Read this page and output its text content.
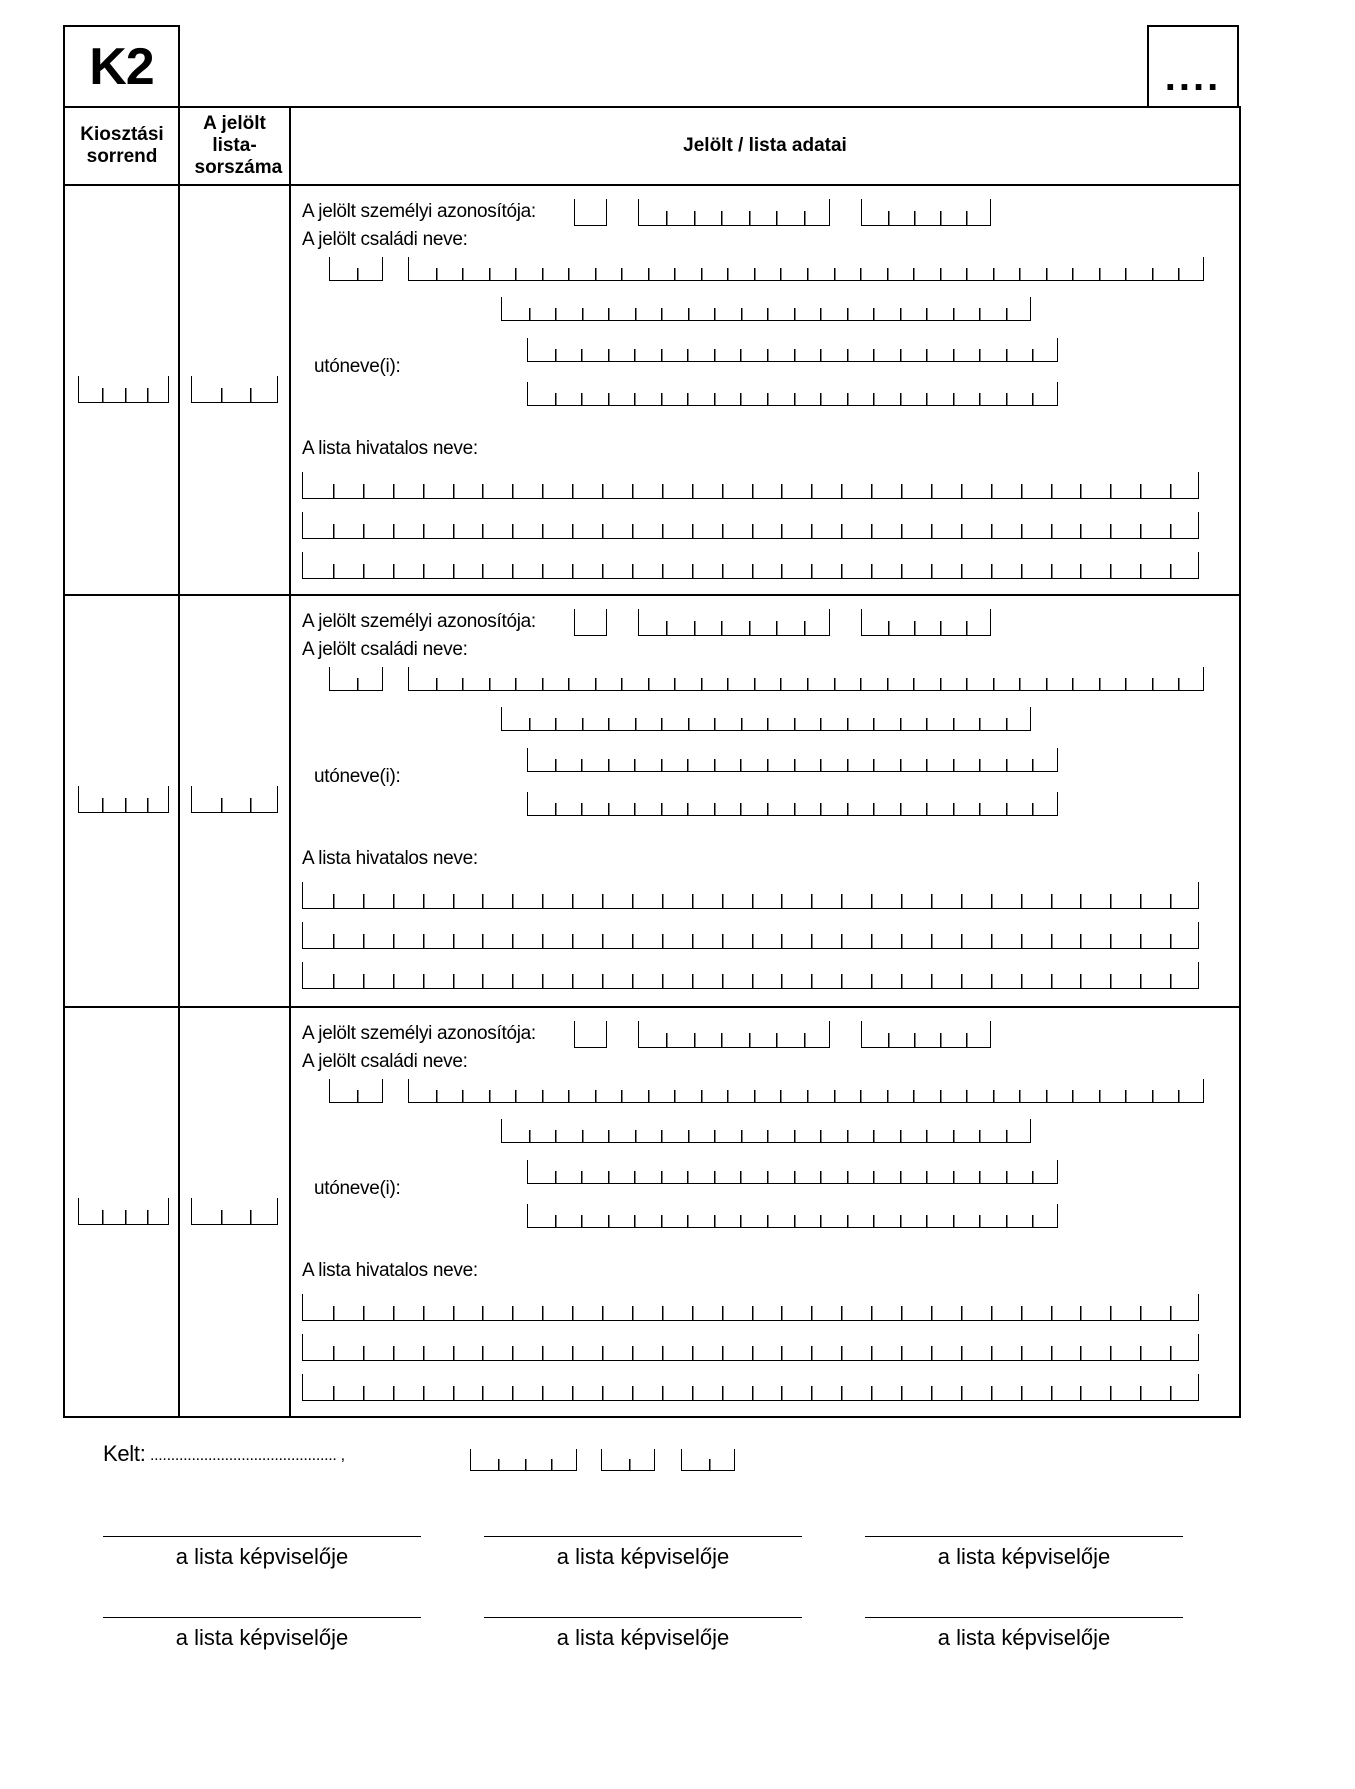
K2	....
Kiosztási sorrend
A jelölt lista-sorszáma
Jelölt / lista adatai
A jelölt személyi azonosítója:
A jelölt családi neve:
utóneve(i):
A lista hivatalos neve:
A jelölt személyi azonosítója:
A jelölt családi neve:
utóneve(i):
A lista hivatalos neve:
A jelölt személyi azonosítója:
A jelölt családi neve:
utóneve(i):
A lista hivatalos neve:
Kelt: ............................................. ,
a lista képviselője	a lista képviselője	a lista képviselője
a lista képviselője	a lista képviselője	a lista képviselője
